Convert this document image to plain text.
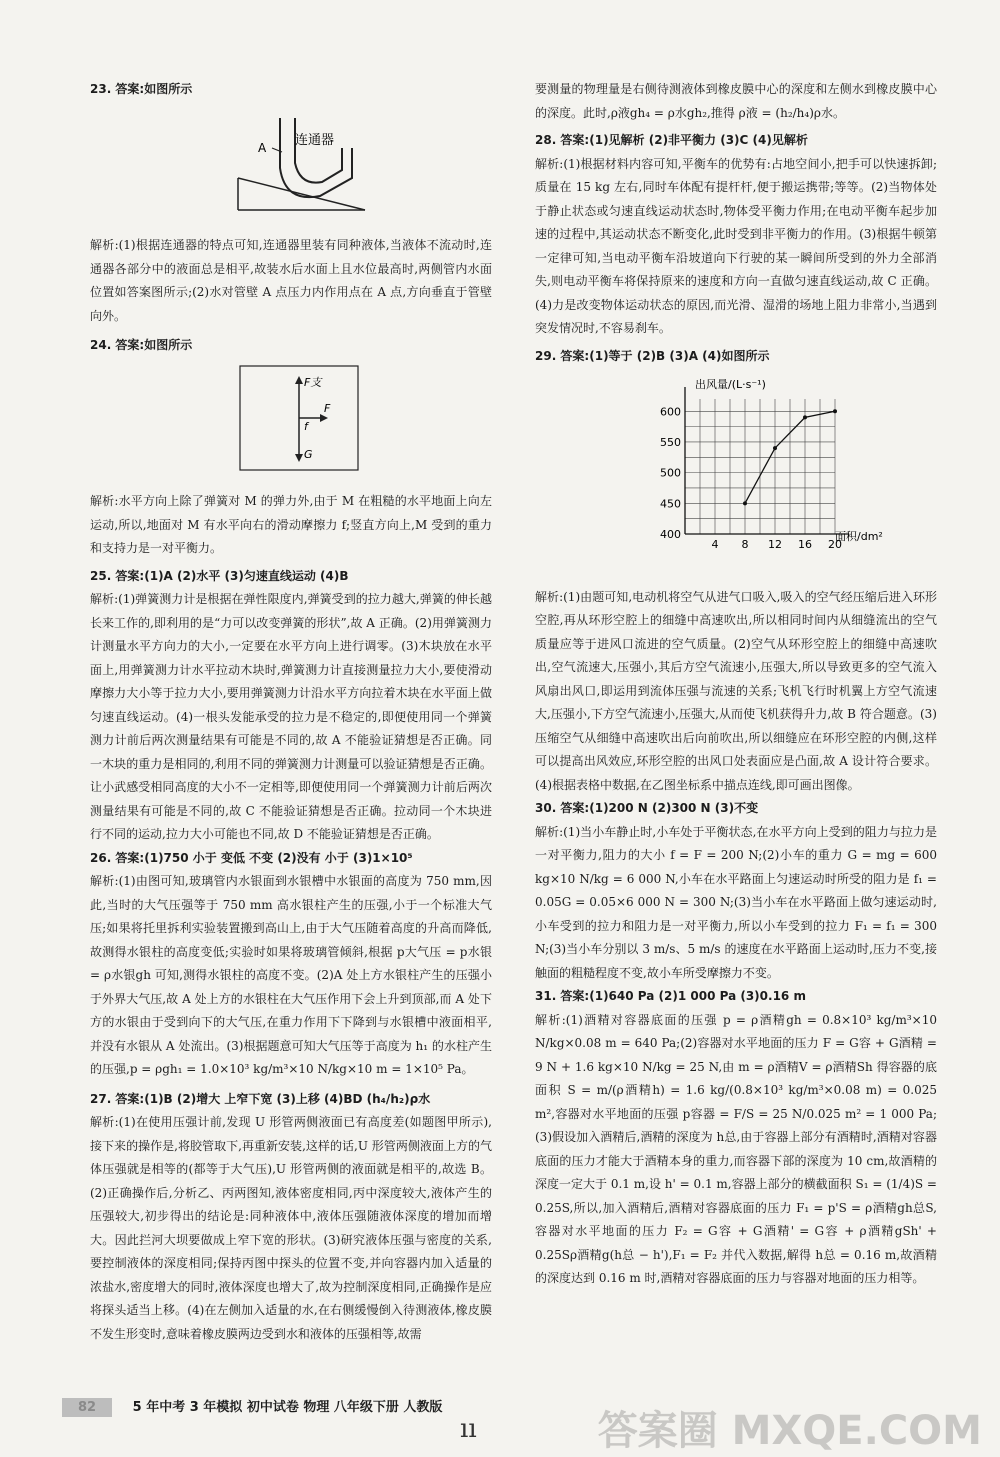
23. 答案:如图所示

A 连通器

解析:(1)根据连通器的特点可知,连通器里装有同种液体,当液体不流动时,连通器各部分中的液面总是相平,故装水后水面上且水位最高时,两侧管内水面位置如答案图所示;(2)水对管壁 A 点压力内作用点在 A 点,方向垂直于管壁向外。

24. 答案:如图所示

F支
F
f
G

解析:水平方向上除了弹簧对 M 的弹力外,由于 M 在粗糙的水平地面上向左运动,所以,地面对 M 有水平向右的滑动摩擦力 f;竖直方向上,M 受到的重力和支持力是一对平衡力。

25. 答案:(1)A (2)水平 (3)匀速直线运动 (4)B

解析:(1)弹簧测力计是根据在弹性限度内,弹簧受到的拉力越大,弹簧的伸长越长来工作的,即利用的是“力可以改变弹簧的形状”,故 A 正确。(2)用弹簧测力计测量水平方向力的大小,一定要在水平方向上进行调零。(3)木块放在水平面上,用弹簧测力计水平拉动木块时,弹簧测力计直接测量拉力大小,要使滑动摩擦力大小等于拉力大小,要用弹簧测力计沿水平方向拉着木块在水平面上做匀速直线运动。(4)一根头发能承受的拉力是不稳定的,即便使用同一个弹簧测力计前后两次测量结果有可能是不同的,故 A 不能验证猜想是否正确。同一木块的重力是相同的,利用不同的弹簧测力计测量可以验证猜想是否正确。让小武感受相同高度的大小不一定相等,即便使用同一个弹簧测力计前后两次测量结果有可能是不同的,故 C 不能验证猜想是否正确。拉动同一个木块进行不同的运动,拉力大小可能也不同,故 D 不能验证猜想是否正确。

26. 答案:(1)750 小于 变低 不变 (2)没有 小于 (3)1×10⁵

解析:(1)由图可知,玻璃管内水银面到水银槽中水银面的高度为 750 mm,因此,当时的大气压强等于 750 mm 高水银柱产生的压强,小于一个标准大气压;如果将托里拆利实验装置搬到高山上,由于大气压随着高度的升高而降低,故测得水银柱的高度变低;实验时如果将玻璃管倾斜,根据 p大气压 = p水银 = ρ水银gh 可知,测得水银柱的高度不变。(2)A 处上方水银柱产生的压强小于外界大气压,故 A 处上方的水银柱在大气压作用下会上升到顶部,而 A 处下方的水银由于受到向下的大气压,在重力作用下下降到与水银槽中液面相平,并没有水银从 A 处流出。(3)根据题意可知大气压等于高度为 h₁ 的水柱产生的压强,p = ρgh₁ = 1.0×10³ kg/m³×10 N/kg×10 m = 1×10⁵ Pa。

27. 答案:(1)B (2)增大 上窄下宽 (3)上移 (4)BD (h₄/h₂)ρ水

解析:(1)在使用压强计前,发现 U 形管两侧液面已有高度差(如题图甲所示),接下来的操作是,将胶管取下,再重新安装,这样的话,U 形管两侧液面上方的气体压强就是相等的(都等于大气压),U 形管两侧的液面就是相平的,故选 B。(2)正确操作后,分析乙、丙两图知,液体密度相同,丙中深度较大,液体产生的压强较大,初步得出的结论是:同种液体中,液体压强随液体深度的增加而增大。因此拦河大坝要做成上窄下宽的形状。(3)研究液体压强与密度的关系,要控制液体的深度相同;保持丙图中探头的位置不变,并向容器内加入适量的浓盐水,密度增大的同时,液体深度也增大了,故为控制深度相同,正确操作是应将探头适当上移。(4)在左侧加入适量的水,在右侧缓慢倒入待测液体,橡皮膜不发生形变时,意味着橡皮膜两边受到水和液体的压强相等,故需

要测量的物理量是右侧待测液体到橡皮膜中心的深度和左侧水到橡皮膜中心的深度。此时,ρ液gh₄ = ρ水gh₂,推得 ρ液 = (h₂/h₄)ρ水。

28. 答案:(1)见解析 (2)非平衡力 (3)C (4)见解析

解析:(1)根据材料内容可知,平衡车的优势有:占地空间小,把手可以快速拆卸;质量在 15 kg 左右,同时车体配有提杆杆,便于搬运携带;等等。(2)当物体处于静止状态或匀速直线运动状态时,物体受平衡力作用;在电动平衡车起步加速的过程中,其运动状态不断变化,此时受到非平衡力的作用。(3)根据牛顿第一定律可知,当电动平衡车沿坡道向下行驶的某一瞬间所受到的外力全部消失,则电动平衡车将保持原来的速度和方向一直做匀速直线运动,故 C 正确。(4)力是改变物体运动状态的原因,而光滑、湿滑的场地上阻力非常小,当遇到突发情况时,不容易刹车。

29. 答案:(1)等于 (2)B (3)A (4)如图所示

4 8 12 16 20
400
450
500
550
600
出风量/(L·s⁻¹)
面积/dm²

解析:(1)由题可知,电动机将空气从进气口吸入,吸入的空气经压缩后进入环形空腔,再从环形空腔上的细缝中高速吹出,所以相同时间内从细缝流出的空气质量应等于进风口流进的空气质量。(2)空气从环形空腔上的细缝中高速吹出,空气流速大,压强小,其后方空气流速小,压强大,所以导致更多的空气流入风扇出风口,即运用到流体压强与流速的关系;飞机飞行时机翼上方空气流速大,压强小,下方空气流速小,压强大,从而使飞机获得升力,故 B 符合题意。(3)压缩空气从细缝中高速吹出后向前吹出,所以细缝应在环形空腔的内侧,这样可以提高出风效应,环形空腔的出风口处表面应是凸面,故 A 设计符合要求。(4)根据表格中数据,在乙图坐标系中描点连线,即可画出图像。

30. 答案:(1)200 N (2)300 N (3)不变

解析:(1)当小车静止时,小车处于平衡状态,在水平方向上受到的阻力与拉力是一对平衡力,阻力的大小 f = F = 200 N;(2)小车的重力 G = mg = 600 kg×10 N/kg = 6 000 N,小车在水平路面上匀速运动时所受的阻力是 f₁ = 0.05G = 0.05×6 000 N = 300 N;(3)当小车在水平路面上做匀速运动时,小车受到的拉力和阻力是一对平衡力,所以小车受到的拉力 F₁ = f₁ = 300 N;(3)当小车分别以 3 m/s、5 m/s 的速度在水平路面上运动时,压力不变,接触面的粗糙程度不变,故小车所受摩擦力不变。

31. 答案:(1)640 Pa (2)1 000 Pa (3)0.16 m

解析:(1)酒精对容器底面的压强 p = ρ酒精gh = 0.8×10³ kg/m³×10 N/kg×0.08 m = 640 Pa;(2)容器对水平地面的压力 F = G容 + G酒精 = 9 N + 1.6 kg×10 N/kg = 25 N,由 m = ρ酒精V = ρ酒精Sh 得容器的底面积 S = m/(ρ酒精h) = 1.6 kg/(0.8×10³ kg/m³×0.08 m) = 0.025 m²,容器对水平地面的压强 p容器 = F/S = 25 N/0.025 m² = 1 000 Pa;(3)假设加入酒精后,酒精的深度为 h总,由于容器上部分有酒精时,酒精对容器底面的压力才能大于酒精本身的重力,而容器下部的深度为 10 cm,故酒精的深度一定大于 0.1 m,设 h' = 0.1 m,容器上部分的横截面积 S₁ = (1/4)S = 0.25S,所以,加入酒精后,酒精对容器底面的压力 F₁ = p'S = ρ酒精gh总S,容器对水平地面的压力 F₂ = G容 + G酒精' = G容 + ρ酒精gSh' + 0.25Sρ酒精g(h总 − h'),F₁ = F₂ 并代入数据,解得 h总 = 0.16 m,故酒精的深度达到 0.16 m 时,酒精对容器底面的压力与容器对地面的压力相等。

82	5 年中考 3 年模拟 初中试卷 物理 八年级下册 人教版
ıı	答案圈 MXQE.COM
